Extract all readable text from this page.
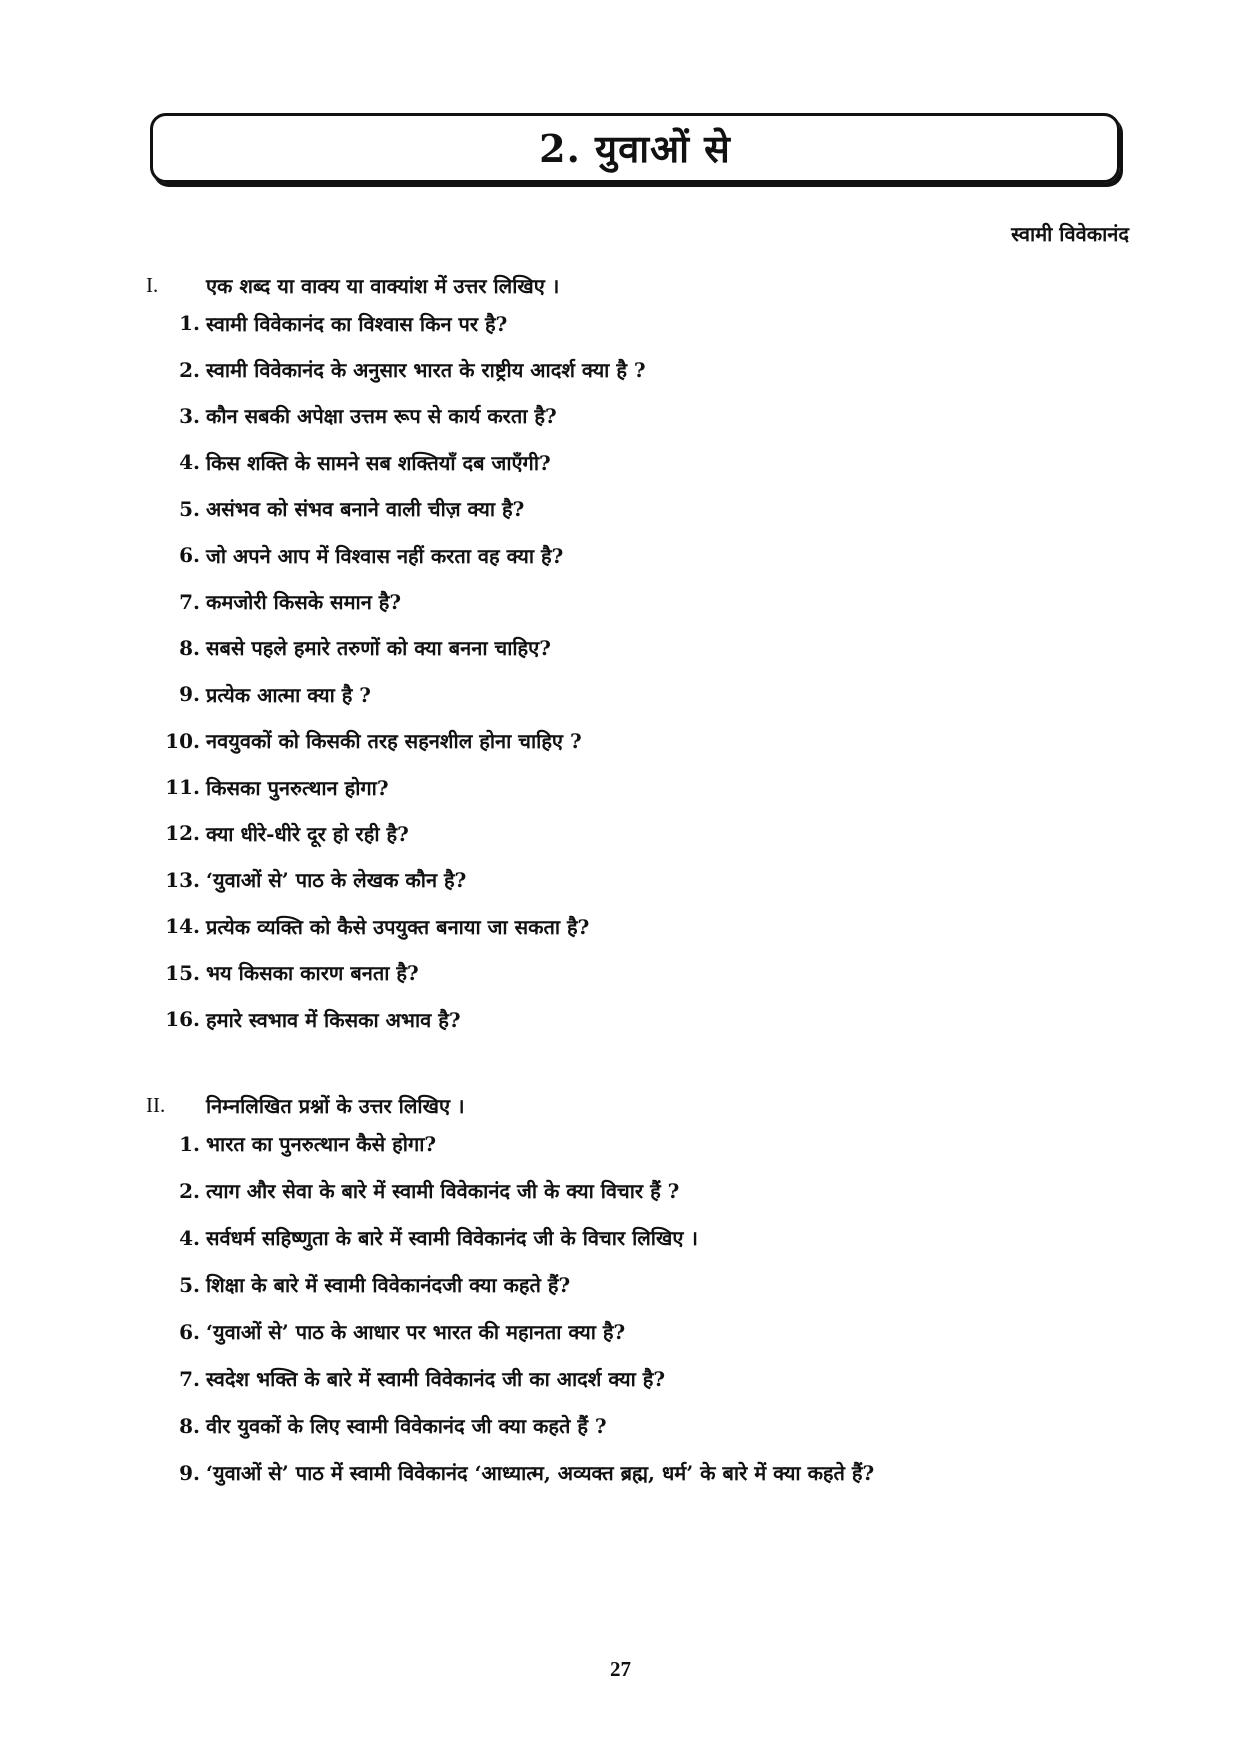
2. युवाओं से

स्वामी विवेकानंद

I.	एक शब्द या वाक्य या वाक्यांश में उत्तर लिखिए ।
1. स्वामी विवेकानंद का विश्वास किन पर है?
2. स्वामी विवेकानंद के अनुसार भारत के राष्ट्रीय आदर्श क्या है ?
3. कौन सबकी अपेक्षा उत्तम रूप से कार्य करता है?
4. किस शक्ति के सामने सब शक्तियाँ दब जाएँगी?
5. असंभव को संभव बनाने वाली चीज़ क्या है?
6. जो अपने आप में विश्वास नहीं करता वह क्या है?
7. कमजोरी किसके समान है?
8. सबसे पहले हमारे तरुणों को क्या बनना चाहिए?
9. प्रत्येक आत्मा क्या है ?
10. नवयुवकों को किसकी तरह सहनशील होना चाहिए ?
11. किसका पुनरुत्थान होगा?
12. क्या धीरे-धीरे दूर हो रही है?
13. ‘युवाओं से’ पाठ के लेखक कौन है?
14. प्रत्येक व्यक्ति को कैसे उपयुक्त बनाया जा सकता है?
15. भय किसका कारण बनता है?
16. हमारे स्वभाव में किसका अभाव है?
II.	निम्नलिखित प्रश्नों के उत्तर लिखिए ।
1. भारत का पुनरुत्थान कैसे होगा?
2. त्याग और सेवा के बारे में स्वामी विवेकानंद जी के क्या विचार हैं ?
4. सर्वधर्म सहिष्णुता के बारे में स्वामी विवेकानंद जी के विचार लिखिए ।
5. शिक्षा के बारे में स्वामी विवेकानंदजी क्या कहते हैं?
6. ‘युवाओं से’ पाठ के आधार पर भारत की महानता क्या है?
7. स्वदेश भक्ति के बारे में स्वामी विवेकानंद जी का आदर्श क्या है?
8. वीर युवकों के लिए स्वामी विवेकानंद जी क्या कहते हैं ?
9. ‘युवाओं से’ पाठ में स्वामी विवेकानंद ‘आध्यात्म, अव्यक्त ब्रह्म, धर्म’ के बारे में क्या कहते हैं?
27
